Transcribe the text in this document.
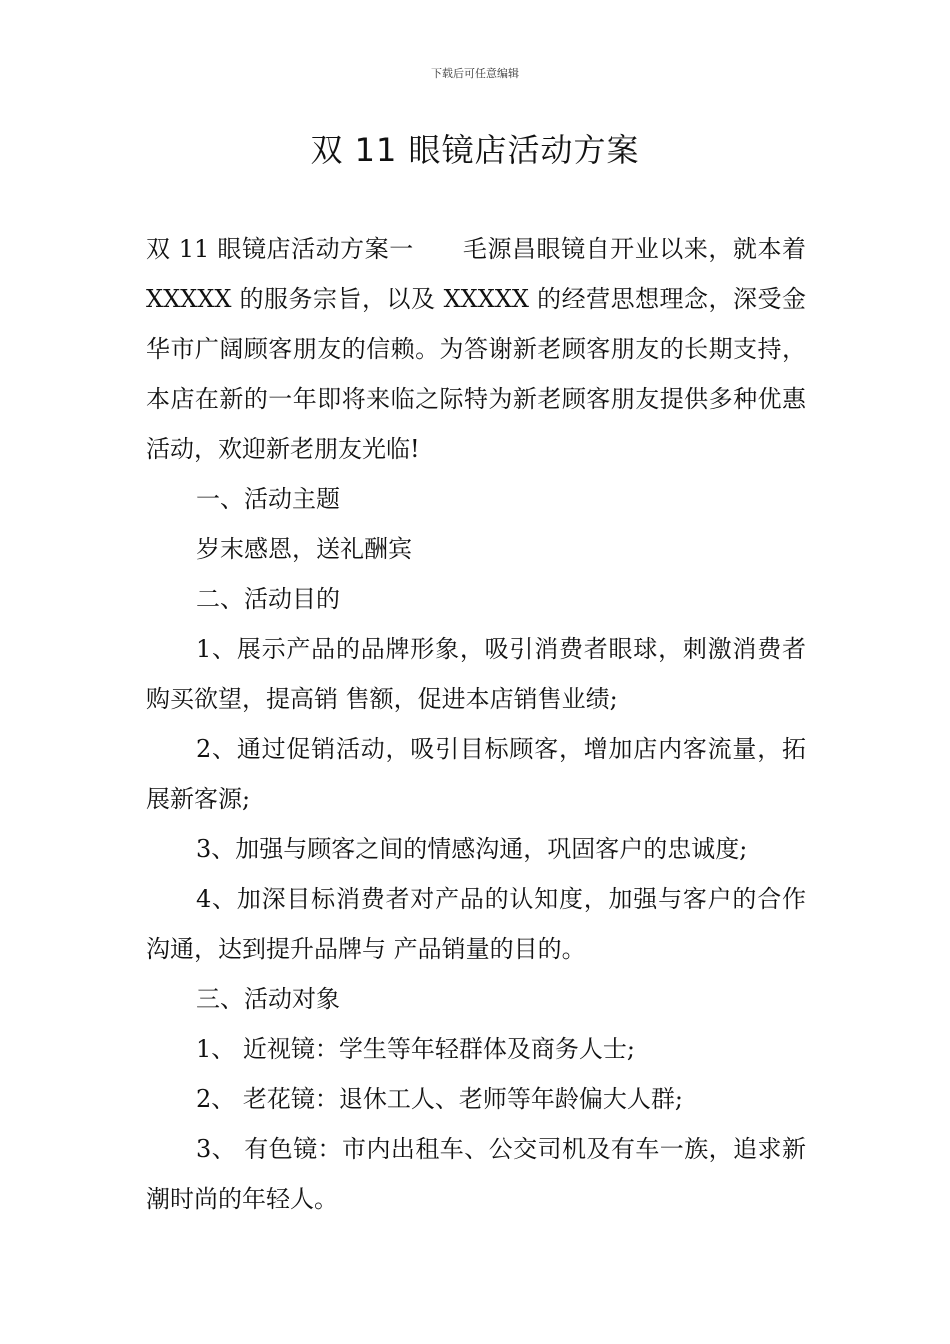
下载后可任意编辑
双 11 眼镜店活动方案

双 11 眼镜店活动方案一　　毛源昌眼镜自开业以来，就本着 XXXXX 的服务宗旨，以及 XXXXX 的经营思想理念，深受金华市广阔顾客朋友的信赖。为答谢新老顾客朋友的长期支持，本店在新的一年即将来临之际特为新老顾客朋友提供多种优惠活动，欢迎新老朋友光临!

一、活动主题

岁末感恩，送礼酬宾

二、活动目的

1、展示产品的品牌形象，吸引消费者眼球，刺激消费者购买欲望，提高销 售额，促进本店销售业绩;

2、通过促销活动，吸引目标顾客，增加店内客流量，拓展新客源;

3、加强与顾客之间的情感沟通，巩固客户的忠诚度;

4、加深目标消费者对产品的认知度，加强与客户的合作沟通，达到提升品牌与 产品销量的目的。

三、活动对象

1、 近视镜：学生等年轻群体及商务人士;

2、 老花镜：退休工人、老师等年龄偏大人群;

3、 有色镜：市内出租车、公交司机及有车一族，追求新潮时尚的年轻人。
